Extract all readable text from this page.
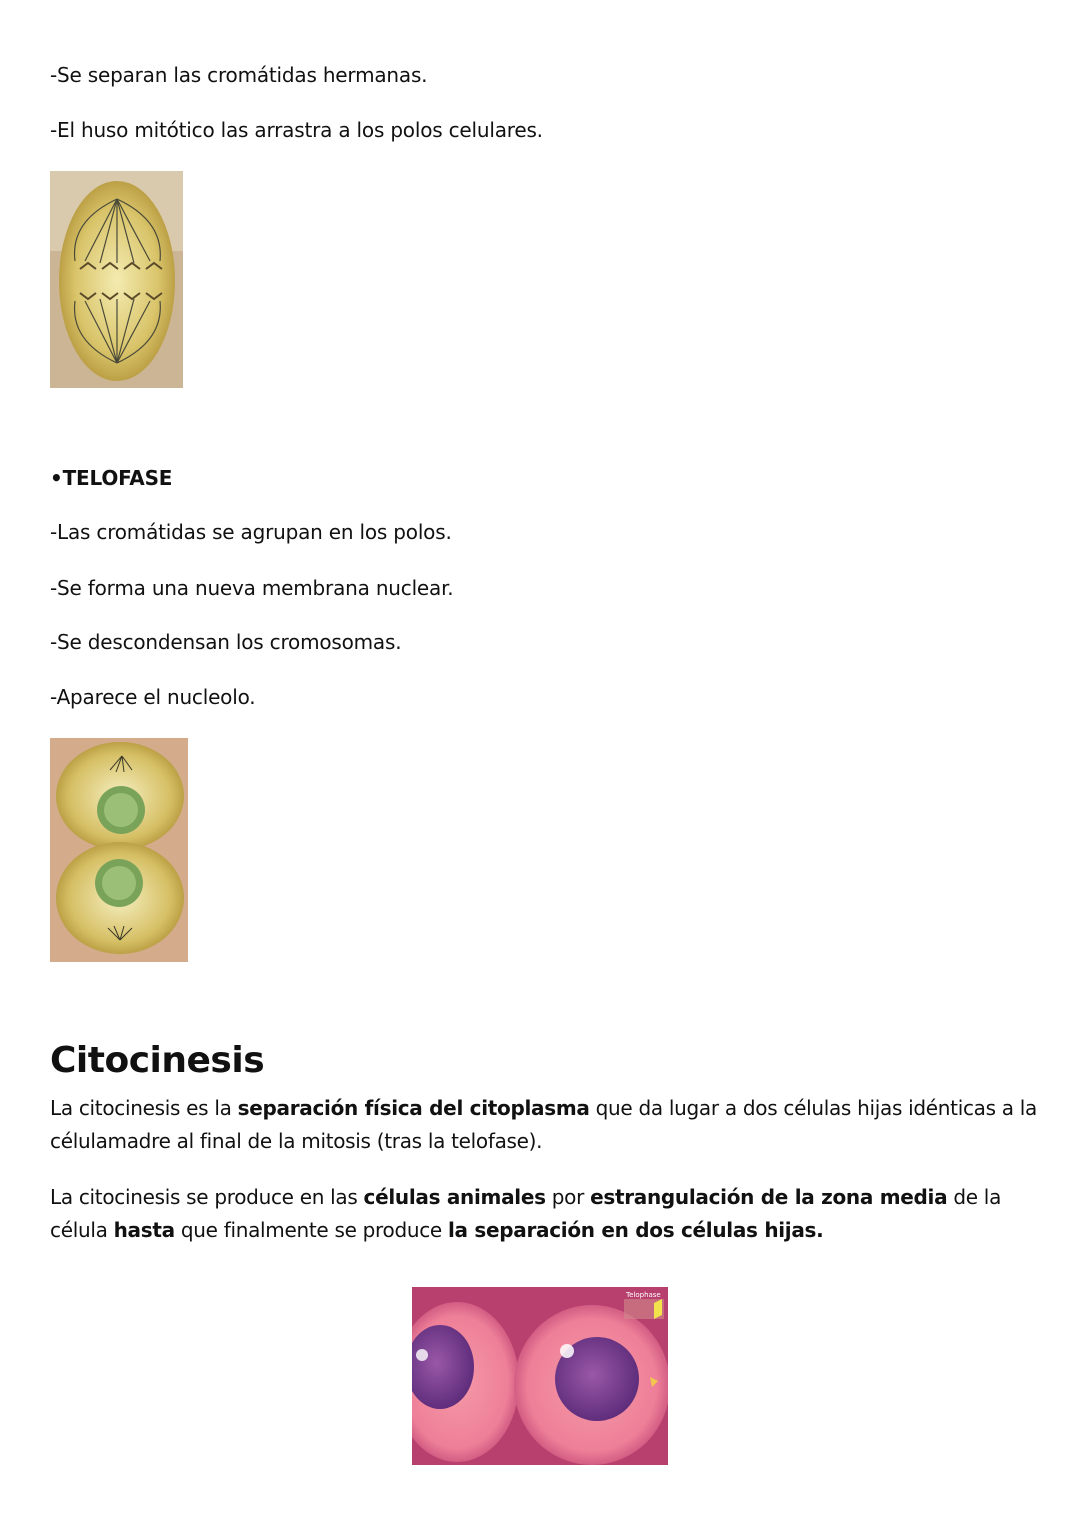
-Se separan las cromátidas hermanas.
-El huso mitótico las arrastra a los polos celulares.
•TELOFASE
-Las cromátidas se agrupan en los polos.
-Se forma una nueva membrana nuclear.
-Se descondensan los cromosomas.
-Aparece el nucleolo.
Citocinesis

La citocinesis es la separación física del citoplasma que da lugar a dos células hijas idénticas a la célulamadre al final de la mitosis (tras la telofase).

La citocinesis se produce en las células animales por estrangulación de la zona media de la célula hasta que finalmente se produce la separación en dos células hijas.

Telophase
